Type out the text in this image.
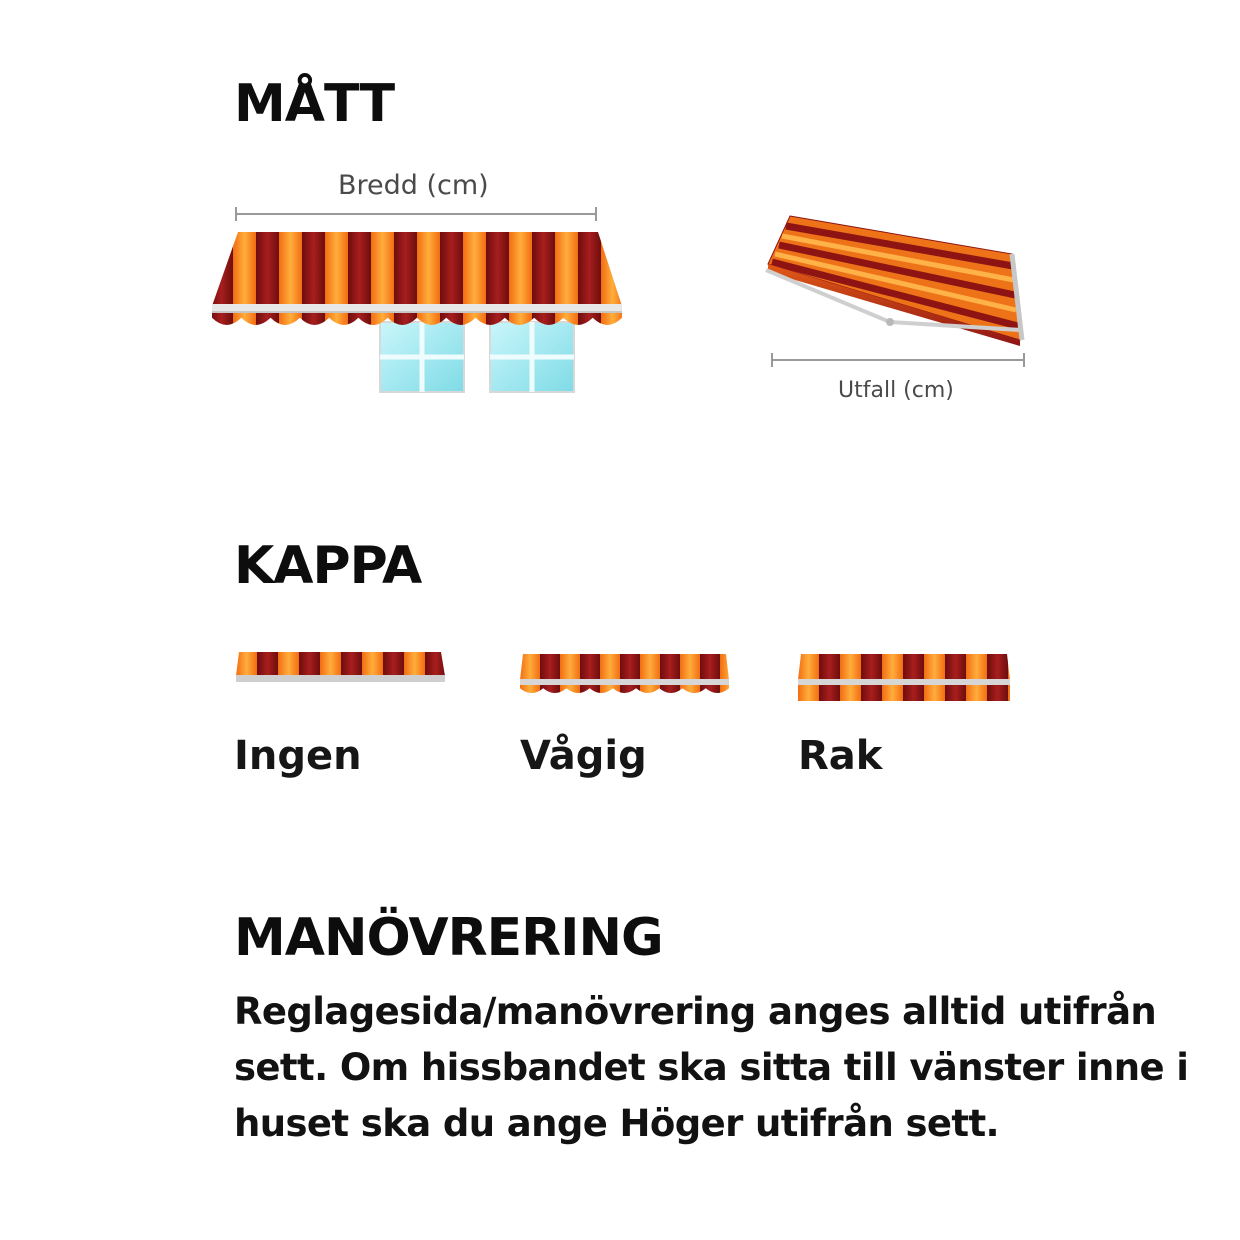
MÅTT
Bredd (cm)
Utfall (cm)
KAPPA
Ingen	Vågig	Rak
MANÖVRERING

Reglagesida/manövrering anges alltid utifrån sett. Om hissbandet ska sitta till vänster inne i huset ska du ange Höger utifrån sett.
